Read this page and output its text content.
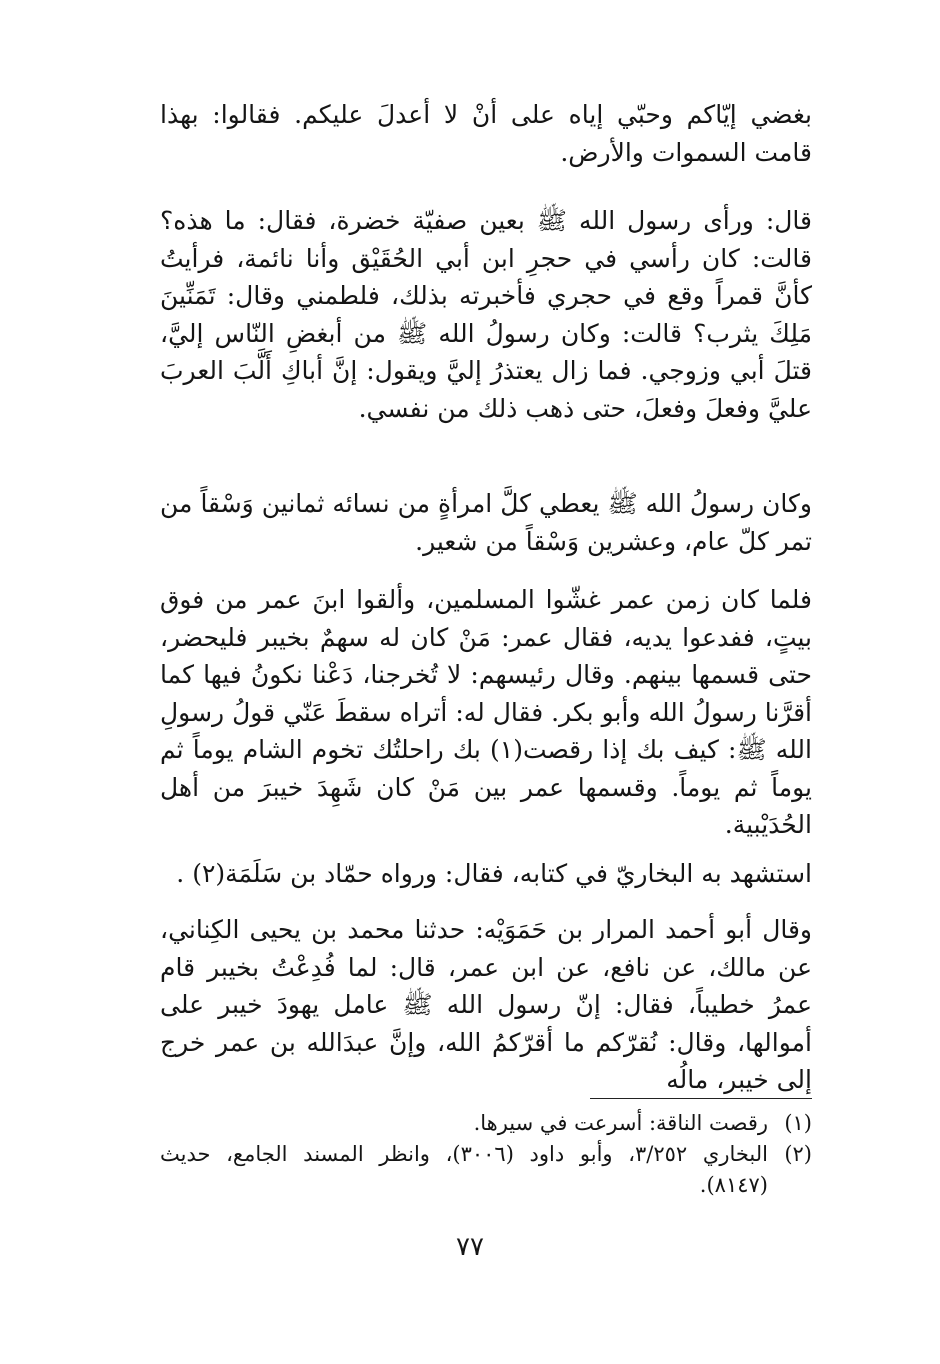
بغضي إيّاكم وحبّي إياه على أنْ لا أعدلَ عليكم. فقالوا: بهذا قامت السموات والأرض.

قال: ورأى رسول الله ﷺ بعين صفيّة خضرة، فقال: ما هذه؟ قالت: كان رأسي في حجرِ ابن أبي الحُقَيْق وأنا نائمة، فرأيتُ كأنَّ قمراً وقع في حجري فأخبرته بذلك، فلطمني وقال: تَمَنِّينَ مَلِكَ يثرب؟ قالت: وكان رسولُ الله ﷺ من أبغضِ النّاس إليَّ، قتلَ أبي وزوجي. فما زال يعتذرُ إليَّ ويقول: إنَّ أباكِ أَلَّبَ العربَ عليَّ وفعلَ وفعلَ، حتى ذهب ذلك من نفسي.

وكان رسولُ الله ﷺ يعطي كلَّ امرأةٍ من نسائه ثمانين وَسْقاً من تمر كلّ عام، وعشرين وَسْقاً من شعير.

فلما كان زمن عمر غشّوا المسلمين، وألقوا ابنَ عمر من فوق بيتٍ، ففدعوا يديه، فقال عمر: مَنْ كان له سهمٌ بخيبر فليحضر، حتى قسمها بينهم. وقال رئيسهم: لا تُخرجنا، دَعْنا نكونُ فيها كما أقرَّنا رسولُ الله وأبو بكر. فقال له: أتراه سقطَ عَنّي قولُ رسولِ الله ﷺ: كيف بك إذا رقصت(١) بك راحلتُك تخوم الشام يوماً ثم يوماً ثم يوماً. وقسمها عمر بين مَنْ كان شَهِدَ خيبرَ من أهل الحُدَيْبية.

استشهد به البخاريّ في كتابه، فقال: ورواه حمّاد بن سَلَمَة(٢) .

وقال أبو أحمد المرار بن حَمَوَيْه: حدثنا محمد بن يحيى الكِناني، عن مالك، عن نافع، عن ابن عمر، قال: لما فُدِعْتُ بخيبر قام عمرُ خطيباً، فقال: إنّ رسول الله ﷺ عامل يهودَ خيبر على أموالها، وقال: نُقرّكم ما أقرّكمُ الله، وإنَّ عبدَالله بن عمر خرج إلى خيبر، مالُه

(١)
رقصت الناقة: أسرعت في سيرها.
(٢)
البخاري ٣/٢٥٢، وأبو داود (٣٠٠٦)، وانظر المسند الجامع، حديث (٨١٤٧).
٧٧
